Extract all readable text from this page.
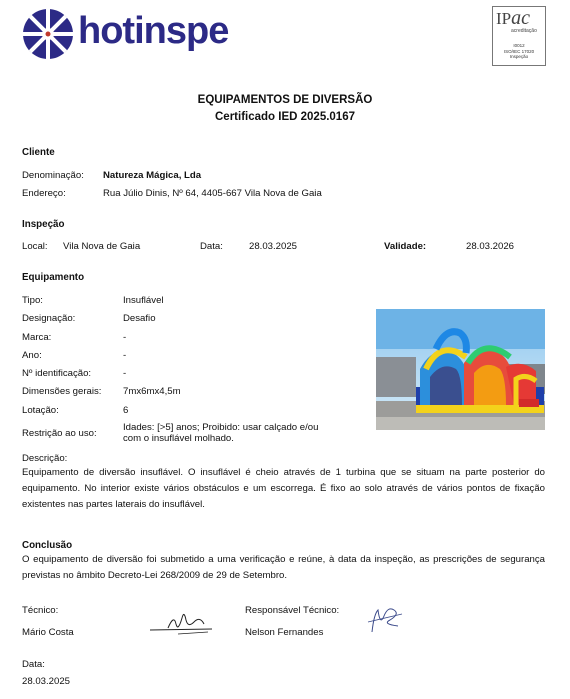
hotinspe	IPac
acreditação
I0012
ISO/IEC 17020
Inspeção
EQUIPAMENTOS DE DIVERSÃO
Certificado IED 2025.0167
Cliente
Denominação: Natureza Mágica, Lda
Endereço:	Rua Júlio Dinis, Nº 64, 4405-667 Vila Nova de Gaia
Inspeção
Local: Vila Nova de Gaia	Data:	28.03.2025	Validade:	28.03.2026
Equipamento
Tipo:	Insuflável
Designação:	Desafio
Marca:	-
Ano:	-
Nº identificação:	-
Dimensões gerais: 7mx6mx4,5m
Lotação:	6
Restrição ao uso:
Idades: [>5] anos; Proibido: usar calçado e/ou
com o insuflável molhado.
Descrição:
Equipamento de diversão insuflável. O insuflável é cheio através de 1 turbina que se situam na parte posterior do equipamento. No interior existe vários obstáculos e um escorrega. É fixo ao solo através de vários pontos de fixação existentes nas partes laterais do insuflável.
Conclusão
O equipamento de diversão foi submetido a uma verificação e reúne, à data da inspeção, as prescrições de segurança previstas no âmbito Decreto-Lei 268/2009 de 29 de Setembro.
Técnico:
Mário Costa
Responsável Técnico:
Nelson Fernandes
Data:
28.03.2025
